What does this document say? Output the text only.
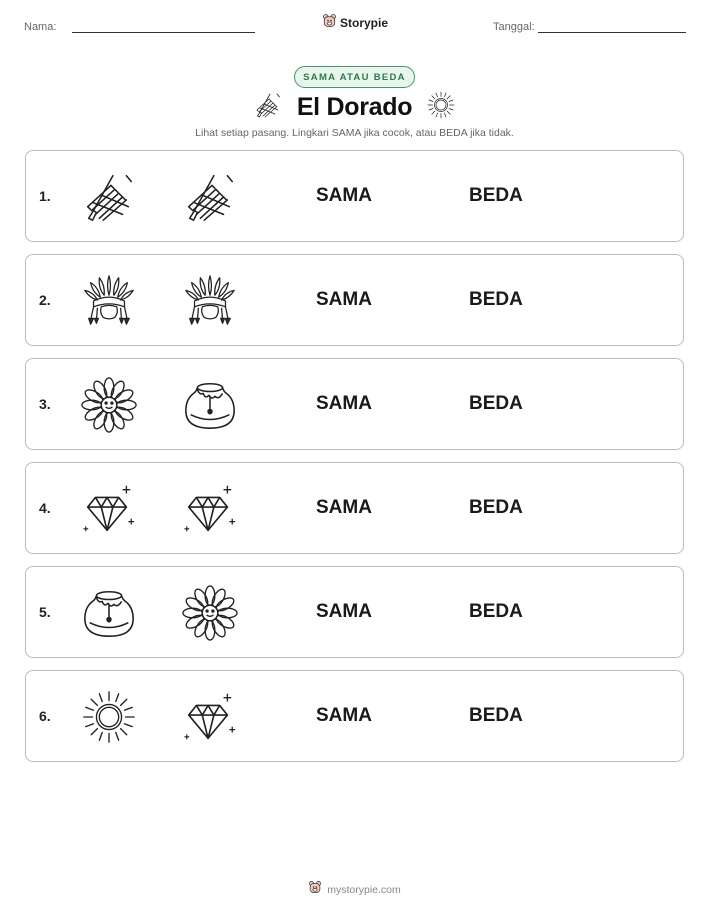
Nama:	Storypie	Tanggal:
SAMA ATAU BEDA
El Dorado
Lihat setiap pasang. Lingkari SAMA jika cocok, atau BEDA jika tidak.
1.	SAMA	BEDA
2.	SAMA	BEDA
3.	SAMA	BEDA
4.	SAMA	BEDA
5.	SAMA	BEDA
6.	SAMA	BEDA
mystorypie.com
